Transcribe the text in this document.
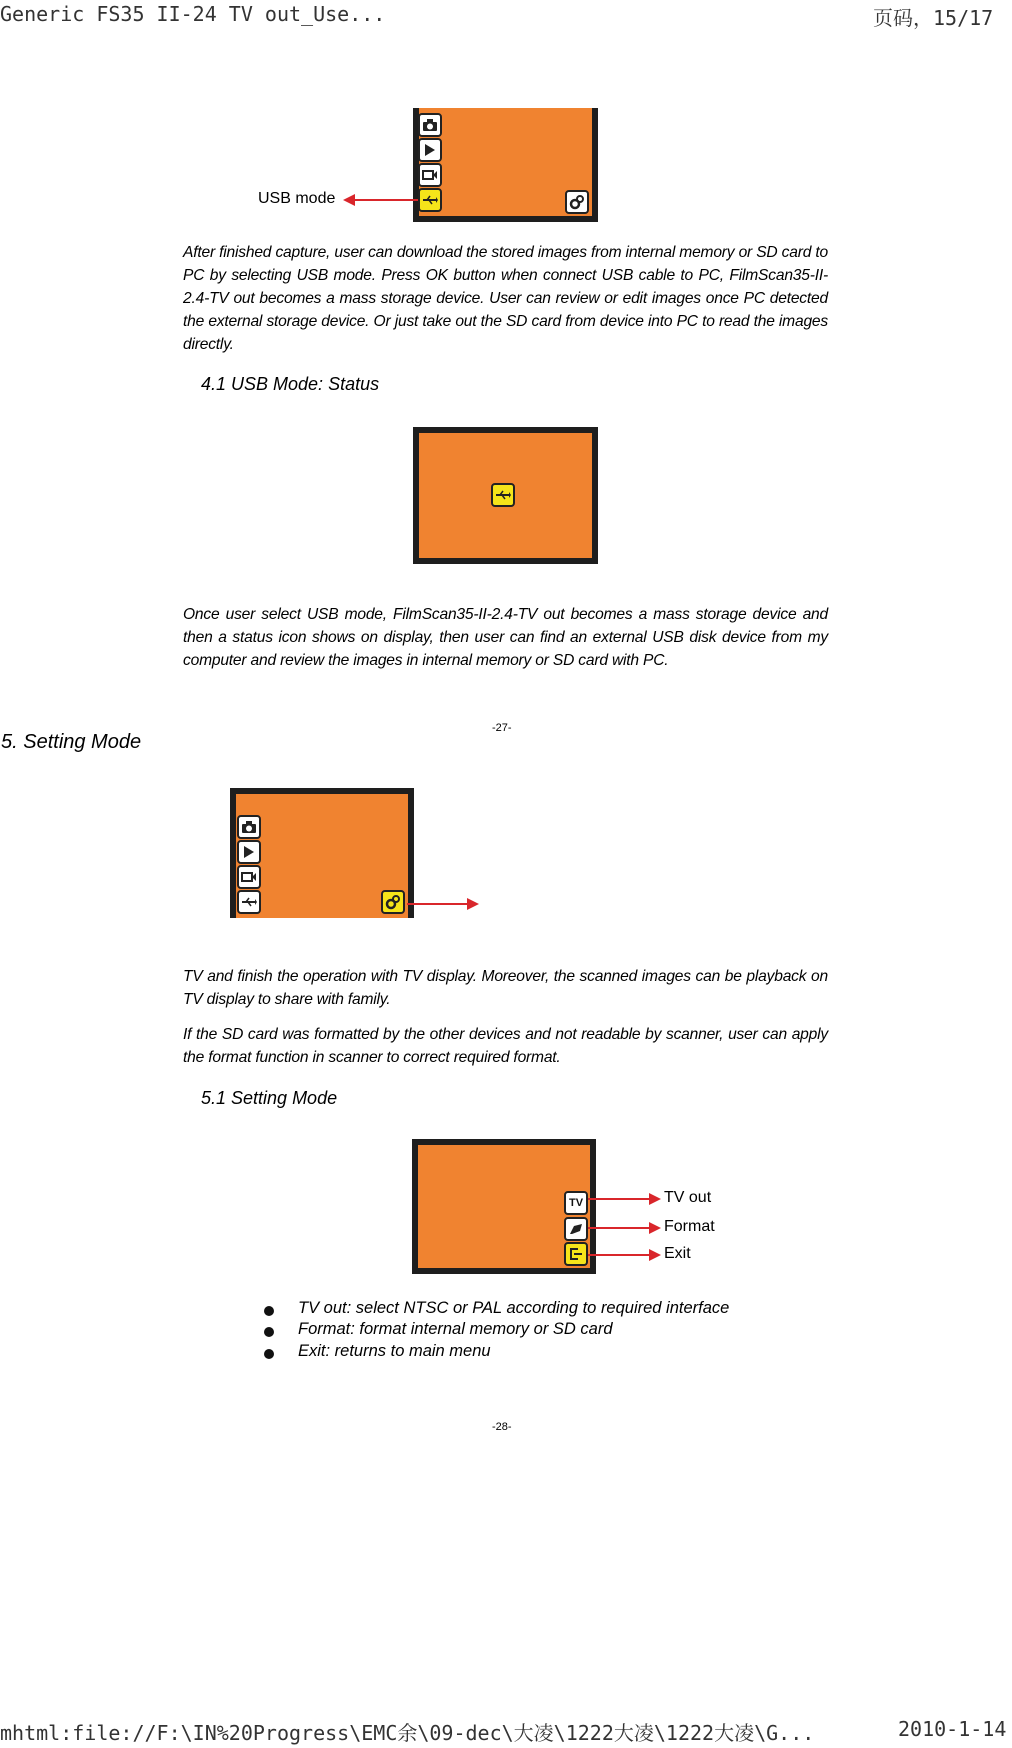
Generic FS35 II-24 TV out_Use...	页码，15/17
USB mode
After finished capture, user can download the stored images from internal memory or SD card to PC by selecting USB mode. Press OK button when connect USB cable to PC, FilmScan35-II-2.4-TV out becomes a mass storage device. User can review or edit images once PC detected the external storage device. Or just take out the SD card from device into PC to read the images directly.
4.1 USB Mode: Status
Once user select USB mode, FilmScan35-II-2.4-TV out becomes a mass storage device and then a status icon shows on display, then user can find an external USB disk device from my computer and review the images in internal memory or SD card with PC.
-27-
5. Setting Mode
TV and finish the operation with TV display. Moreover, the scanned images can be playback on TV display to share with family.
If the SD card was formatted by the other devices and not readable by scanner, user can apply the format function in scanner to correct required format.
5.1 Setting Mode
TV	TV out
Format
Exit
TV out: select NTSC or PAL according to required interface
Format: format internal memory or SD card
Exit: returns to main menu
-28-
mhtml:file://F:\IN%20Progress\EMC余\09-dec\大凌\1222大凌\1222大凌\G...	2010-1-14
